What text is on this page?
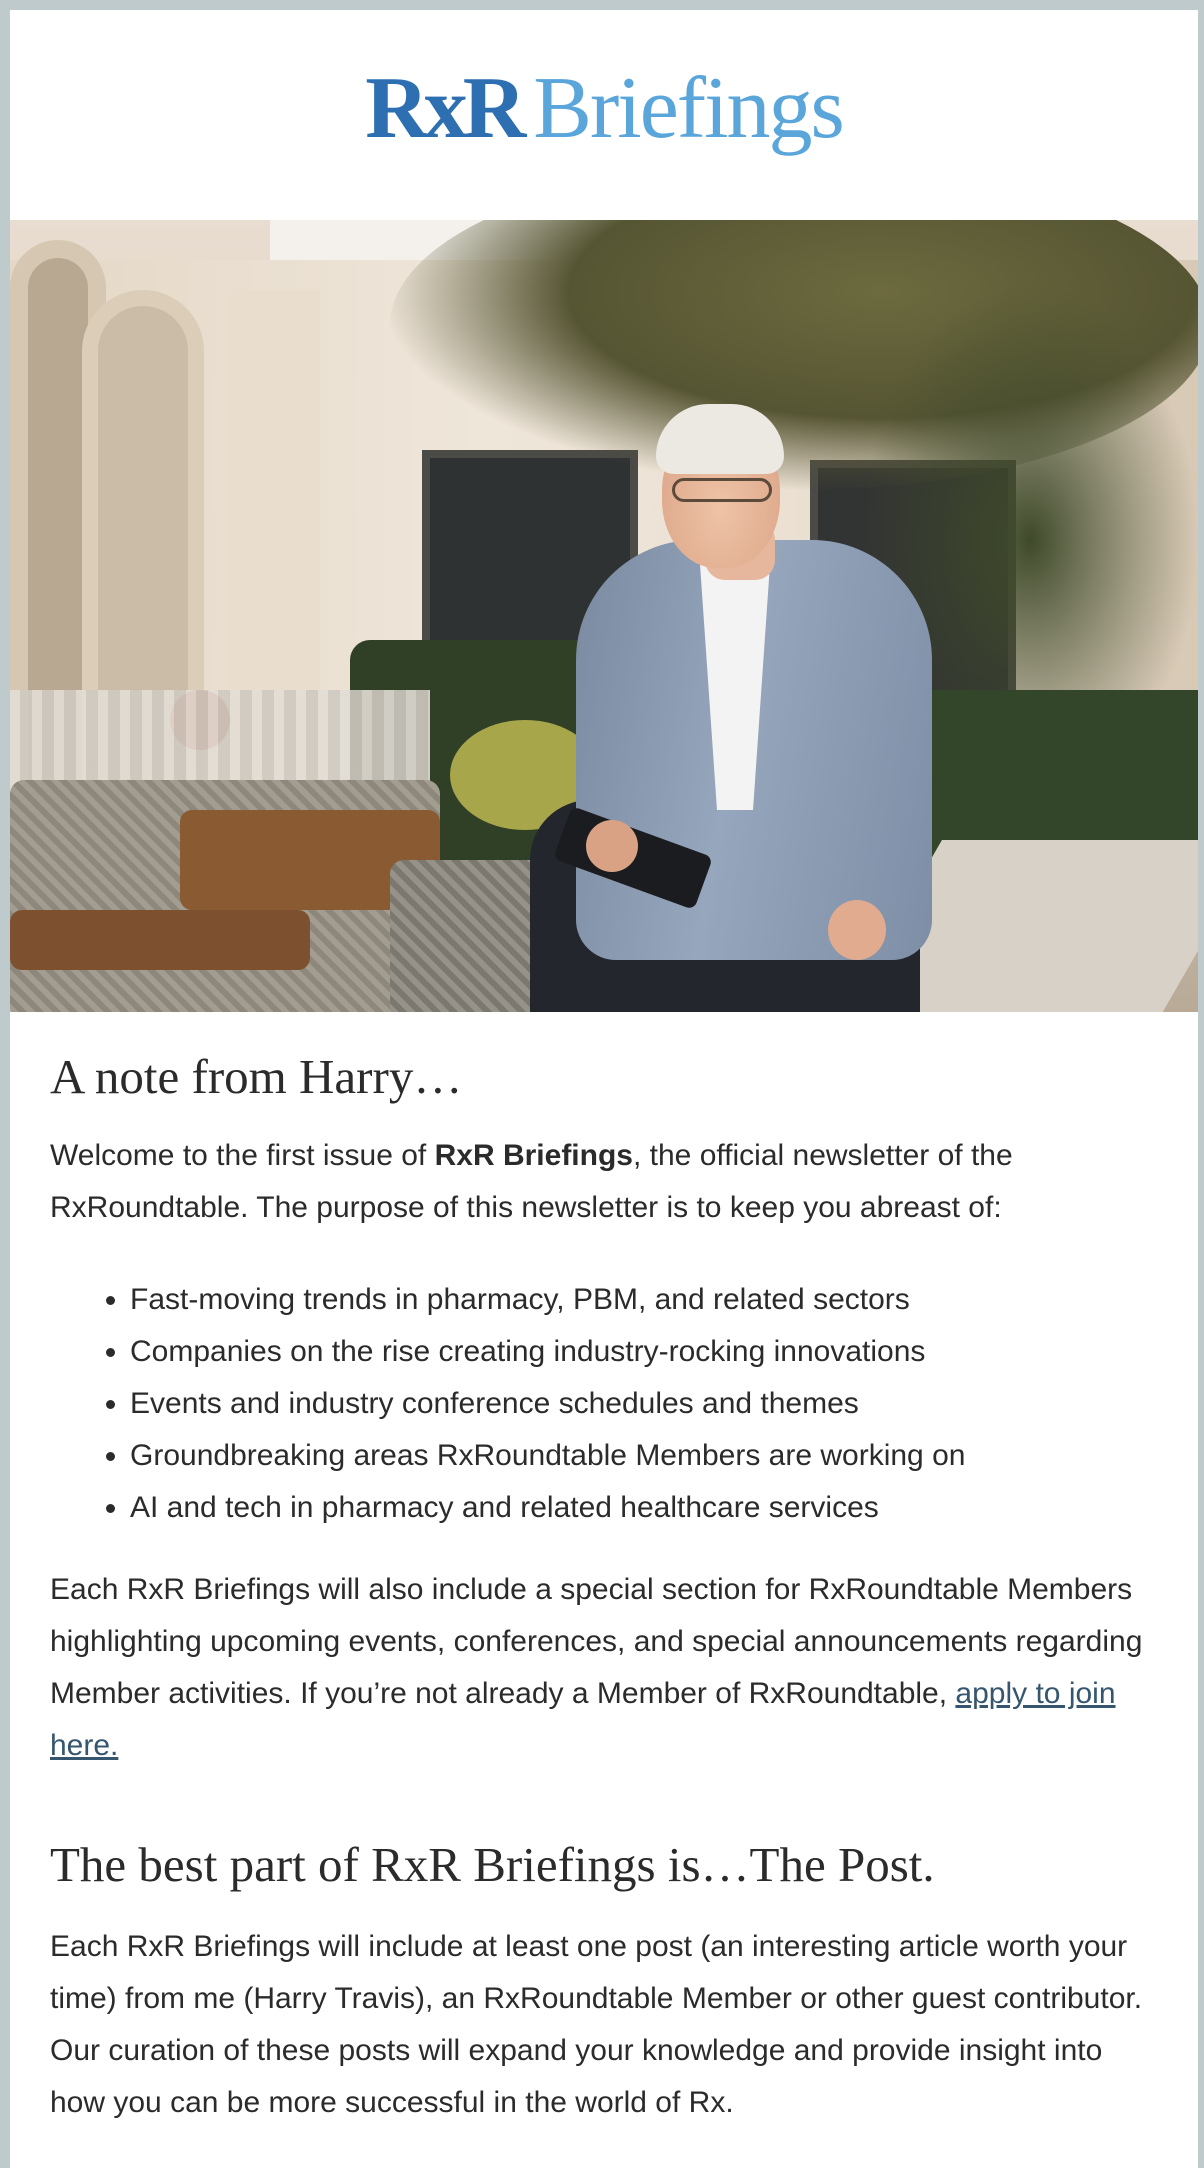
RxR Briefings
A note from Harry…

Welcome to the first issue of RxR Briefings, the official newsletter of the RxRoundtable. The purpose of this newsletter is to keep you abreast of:

• Fast-moving trends in pharmacy, PBM, and related sectors
• Companies on the rise creating industry-rocking innovations
• Events and industry conference schedules and themes
• Groundbreaking areas RxRoundtable Members are working on
• AI and tech in pharmacy and related healthcare services

Each RxR Briefings will also include a special section for RxRoundtable Members highlighting upcoming events, conferences, and special announcements regarding Member activities. If you’re not already a Member of RxRoundtable, apply to join here.

The best part of RxR Briefings is…The Post.

Each RxR Briefings will include at least one post (an interesting article worth your time) from me (Harry Travis), an RxRoundtable Member or other guest contributor. Our curation of these posts will expand your knowledge and provide insight into how you can be more successful in the world of Rx.
